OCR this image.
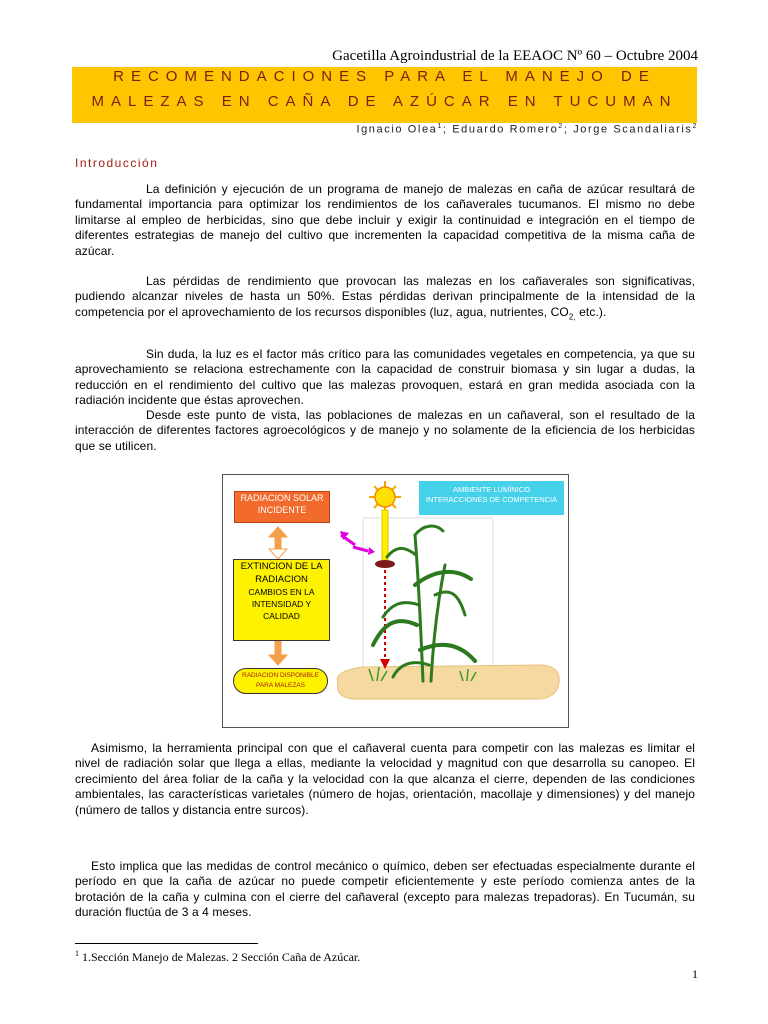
Gacetilla Agroindustrial de la EEAOC Nº 60 – Octubre 2004
RECOMENDACIONES PARA EL MANEJO DE
MALEZAS EN CAÑA DE AZÚCAR EN TUCUMAN
Ignacio Olea$^1$; Eduardo Romero$^2$; Jorge Scandaliaris$^2$
Introducción

La definición y ejecución de un programa de manejo de malezas en caña de azúcar resultará de fundamental importancia para optimizar los rendimientos de los cañaverales tucumanos. El mismo no debe limitarse al empleo de herbicidas, sino que debe incluir y exigir la continuidad e integración en el tiempo de diferentes estrategias de manejo del cultivo que incrementen la capacidad competitiva de la misma caña de azúcar.

Las pérdidas de rendimiento que provocan las malezas en los cañaverales son significativas, pudiendo alcanzar niveles de hasta un 50%. Estas pérdidas derivan principalmente de la intensidad de la competencia por el aprovechamiento de los recursos disponibles (luz, agua, nutrientes, $CO_{2,}$ etc.).

Sin duda, la luz es el factor más crítico para las comunidades vegetales en competencia, ya que su aprovechamiento se relaciona estrechamente con la capacidad de construir biomasa y sin lugar a dudas, la reducción en el rendimiento del cultivo que las malezas provoquen, estará en gran medida asociada con la radiación incidente que éstas aprovechen.

Desde este punto de vista, las poblaciones de malezas en un cañaveral, son el resultado de la interacción de diferentes factores agroecológicos y de manejo y no solamente de la eficiencia de los herbicidas que se utilicen.

RADIACION SOLAR
INCIDENTE
EXTINCION DE LA
RADIACION
CAMBIOS EN LA
INTENSIDAD Y
CALIDAD
RADIACION DISPONIBLE
PARA MALEZAS
AMBIENTE LUMÍNICO
INTERACCIONES DE COMPETENCIA

Asimismo, la herramienta principal con que el cañaveral cuenta para competir con las malezas es limitar el nivel de radiación solar que llega a ellas, mediante la velocidad y magnitud con que desarrolla su canopeo. El crecimiento del área foliar de la caña y la velocidad con la que alcanza el cierre, dependen de las condiciones ambientales, las características varietales (número de hojas, orientación, macollaje y dimensiones) y del manejo (número de tallos y distancia entre surcos).

Esto implica que las medidas de control mecánico o químico, deben ser efectuadas especialmente durante el período en que la caña de azúcar no puede competir eficientemente y este período comienza antes de la brotación de la caña y culmina con el cierre del cañaveral (excepto para malezas trepadoras). En Tucumán, su duración fluctúa de 3 a 4 meses.

$^1$ 1.Sección Manejo de Malezas. 2 Sección Caña de Azúcar.
1
